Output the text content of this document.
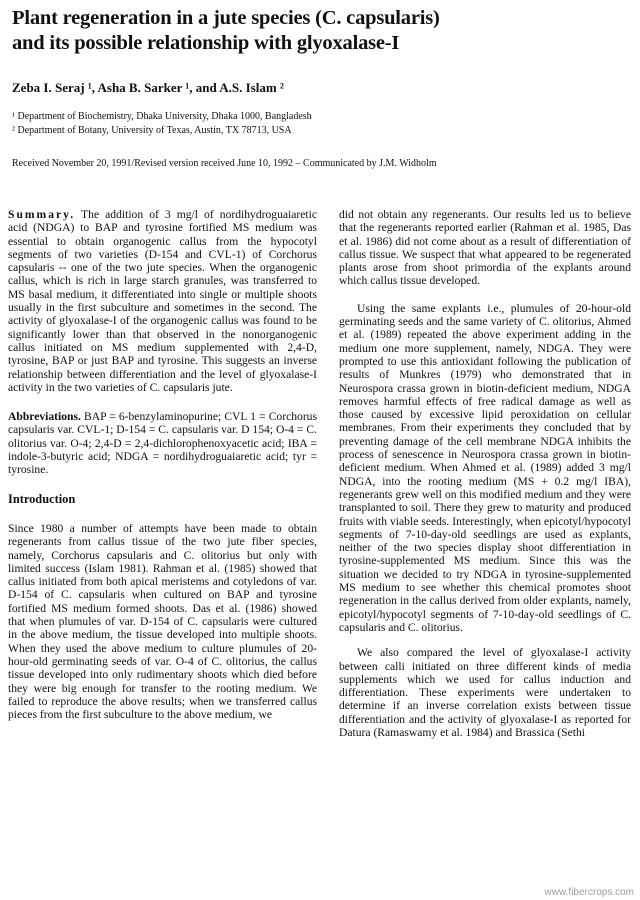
Plant regeneration in a jute species (C. capsularis)
and its possible relationship with glyoxalase-I
Zeba I. Seraj ¹, Asha B. Sarker ¹, and A.S. Islam ²
¹ Department of Biochemistry, Dhaka University, Dhaka 1000, Bangladesh
² Department of Botany, University of Texas, Austin, TX 78713, USA
Received November 20, 1991/Revised version received June 10, 1992 – Communicated by J.M. Widholm

Summary. The addition of 3 mg/l of nordihydroguaiaretic acid (NDGA) to BAP and tyrosine fortified MS medium was essential to obtain organogenic callus from the hypocotyl segments of two varieties (D-154 and CVL-1) of Corchorus capsularis -- one of the two jute species. When the organogenic callus, which is rich in large starch granules, was transferred to MS basal medium, it differentiated into single or multiple shoots usually in the first subculture and sometimes in the second. The activity of glyoxalase-I of the organogenic callus was found to be significantly lower than that observed in the nonorganogenic callus initiated on MS medium supplemented with 2,4-D, tyrosine, BAP or just BAP and tyrosine. This suggests an inverse relationship between differentiation and the level of glyoxalase-I activity in the two varieties of C. capsularis jute.

Abbreviations. BAP = 6-benzylaminopurine; CVL 1 = Corchorus capsularis var. CVL-1; D-154 = C. capsularis var. D 154; O-4 = C. olitorius var. O-4; 2,4-D = 2,4-dichlorophenoxyacetic acid; IBA = indole-3-butyric acid; NDGA = nordihydroguaiaretic acid; tyr = tyrosine.

Introduction

Since 1980 a number of attempts have been made to obtain regenerants from callus tissue of the two jute fiber species, namely, Corchorus capsularis and C. olitorius but only with limited success (Islam 1981). Rahman et al. (1985) showed that callus initiated from both apical meristems and cotyledons of var. D-154 of C. capsularis when cultured on BAP and tyrosine fortified MS medium formed shoots. Das et al. (1986) showed that when plumules of var. D-154 of C. capsularis were cultured in the above medium, the tissue developed into multiple shoots. When they used the above medium to culture plumules of 20-hour-old germinating seeds of var. O-4 of C. olitorius, the callus tissue developed into only rudimentary shoots which died before they were big enough for transfer to the rooting medium. We failed to reproduce the above results; when we transferred callus pieces from the first subculture to the above medium, we

did not obtain any regenerants. Our results led us to believe that the regenerants reported earlier (Rahman et al. 1985, Das et al. 1986) did not come about as a result of differentiation of callus tissue. We suspect that what appeared to be regenerated plants arose from shoot primordia of the explants around which callus tissue developed.

Using the same explants i.e., plumules of 20-hour-old germinating seeds and the same variety of C. olitorius, Ahmed et al. (1989) repeated the above experiment adding in the medium one more supplement, namely, NDGA. They were prompted to use this antioxidant following the publication of results of Munkres (1979) who demonstrated that in Neurospora crassa grown in biotin-deficient medium, NDGA removes harmful effects of free radical damage as well as those caused by excessive lipid peroxidation on cellular membranes. From their experiments they concluded that by preventing damage of the cell membrane NDGA inhibits the process of senescence in Neurospora crassa grown in biotin-deficient medium. When Ahmed et al. (1989) added 3 mg/l NDGA, into the rooting medium (MS + 0.2 mg/l IBA), regenerants grew well on this modified medium and they were transplanted to soil. There they grew to maturity and produced fruits with viable seeds. Interestingly, when epicotyl/hypocotyl segments of 7-10-day-old seedlings are used as explants, neither of the two species display shoot differentiation in tyrosine-supplemented MS medium. Since this was the situation we decided to try NDGA in tyrosine-supplemented MS medium to see whether this chemical promotes shoot regeneration in the callus derived from older explants, namely, epicotyl/hypocotyl segments of 7-10-day-old seedlings of C. capsularis and C. olitorius.

We also compared the level of glyoxalase-I activity between calli initiated on three different kinds of media supplements which we used for callus induction and differentiation. These experiments were undertaken to determine if an inverse correlation exists between tissue differentiation and the activity of glyoxalase-I as reported for Datura (Ramaswamy et al. 1984) and Brassica (Sethi

www.fibercrops.com
